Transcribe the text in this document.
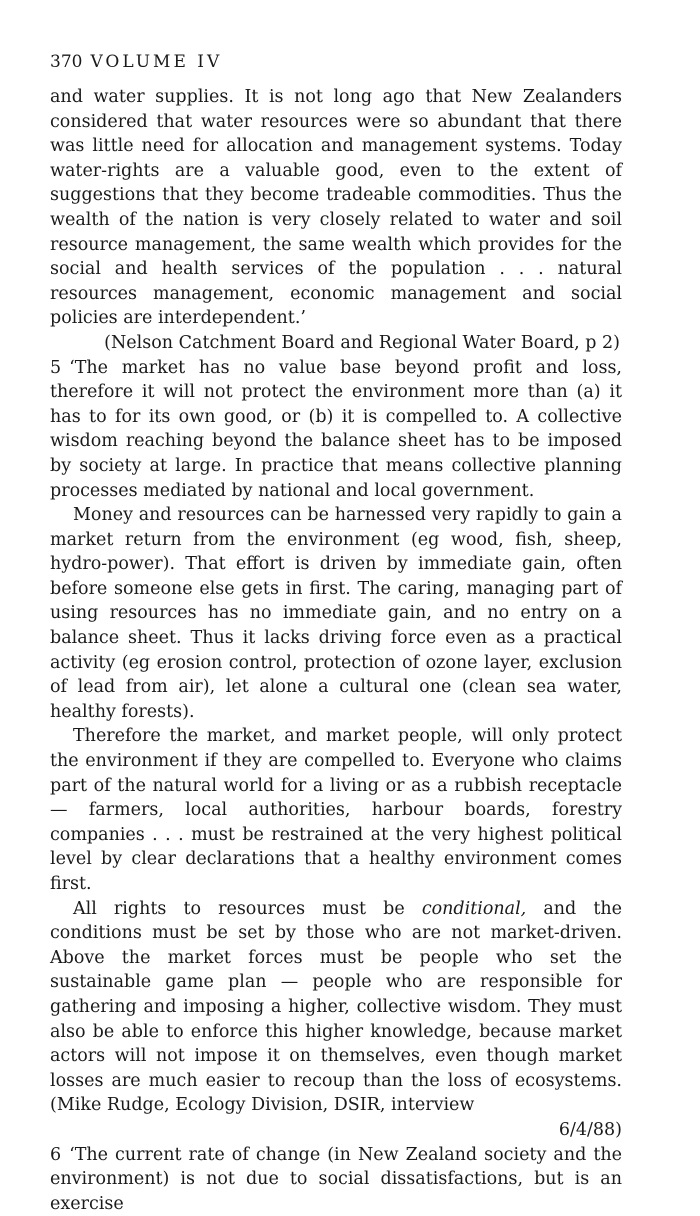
370 VOLUME IV

and water supplies. It is not long ago that New Zealanders considered that water resources were so abundant that there was little need for allocation and management systems. Today water-rights are a valuable good, even to the extent of suggestions that they become tradeable commodities. Thus the wealth of the nation is very closely related to water and soil resource management, the same wealth which provides for the social and health services of the population . . . natural resources management, economic management and social policies are interdependent.’

(Nelson Catchment Board and Regional Water Board, p 2)

5 ‘The market has no value base beyond profit and loss, therefore it will not protect the environment more than (a) it has to for its own good, or (b) it is compelled to. A collective wisdom reaching beyond the balance sheet has to be imposed by society at large. In practice that means collective planning processes mediated by national and local government.

Money and resources can be harnessed very rapidly to gain a market return from the environment (eg wood, fish, sheep, hydro-power). That effort is driven by immediate gain, often before someone else gets in first. The caring, managing part of using resources has no immediate gain, and no entry on a balance sheet. Thus it lacks driving force even as a practical activity (eg erosion control, protection of ozone layer, exclusion of lead from air), let alone a cultural one (clean sea water, healthy forests).

Therefore the market, and market people, will only protect the environment if they are compelled to. Everyone who claims part of the natural world for a living or as a rubbish receptacle — farmers, local authorities, harbour boards, forestry companies . . . must be restrained at the very highest political level by clear declarations that a healthy environment comes first.

All rights to resources must be conditional, and the conditions must be set by those who are not market-driven. Above the market forces must be people who set the sustainable game plan — people who are responsible for gathering and imposing a higher, collective wisdom. They must also be able to enforce this higher knowledge, because market actors will not impose it on themselves, even though market losses are much easier to recoup than the loss of ecosystems. (Mike Rudge, Ecology Division, DSIR, interview

6/4/88)

6 ‘The current rate of change (in New Zealand society and the environment) is not due to social dissatisfactions, but is an exercise
